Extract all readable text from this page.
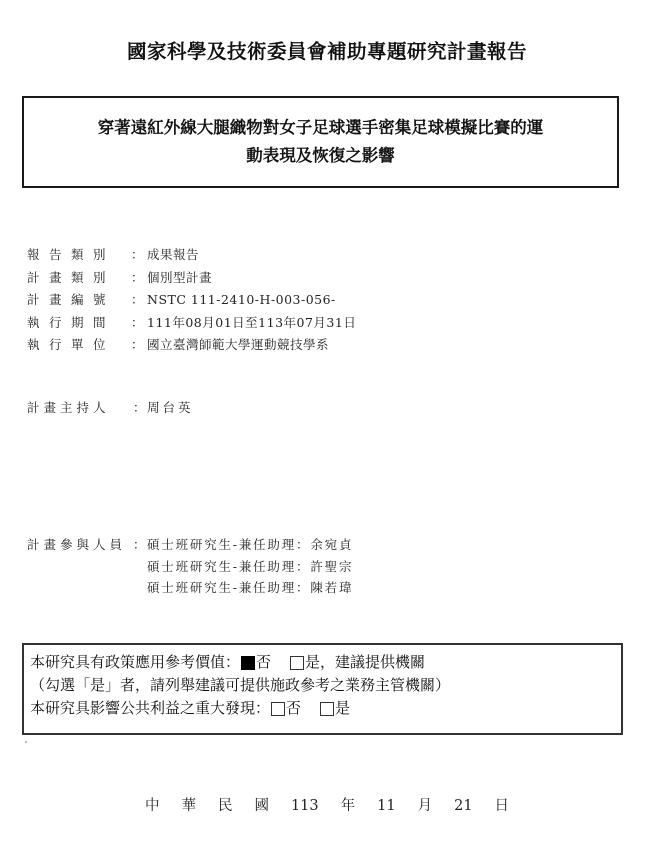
國家科學及技術委員會補助專題研究計畫報告
穿著遠紅外線大腿織物對女子足球選手密集足球模擬比賽的運
動表現及恢復之影響
報告類別	： 成果報告
計畫類別	： 個別型計畫
計畫編號	： NSTC 111-2410-H-003-056-
執行期間	： 111年08月01日至113年07月31日
執行單位	： 國立臺灣師範大學運動競技學系
計畫主持人	： 周台英
計畫參與人員 ： 碩士班研究生-兼任助理 ： 余宛貞
碩士班研究生-兼任助理 ： 許聖宗
碩士班研究生-兼任助理 ： 陳若瑋
本研究具有政策應用參考價值： 否 是，建議提供機關
（勾選「是」者，請列舉建議可提供施政參考之業務主管機關）
本研究具影響公共利益之重大發現： 否 是
中 華 民 國 113 年 11 月 21 日
